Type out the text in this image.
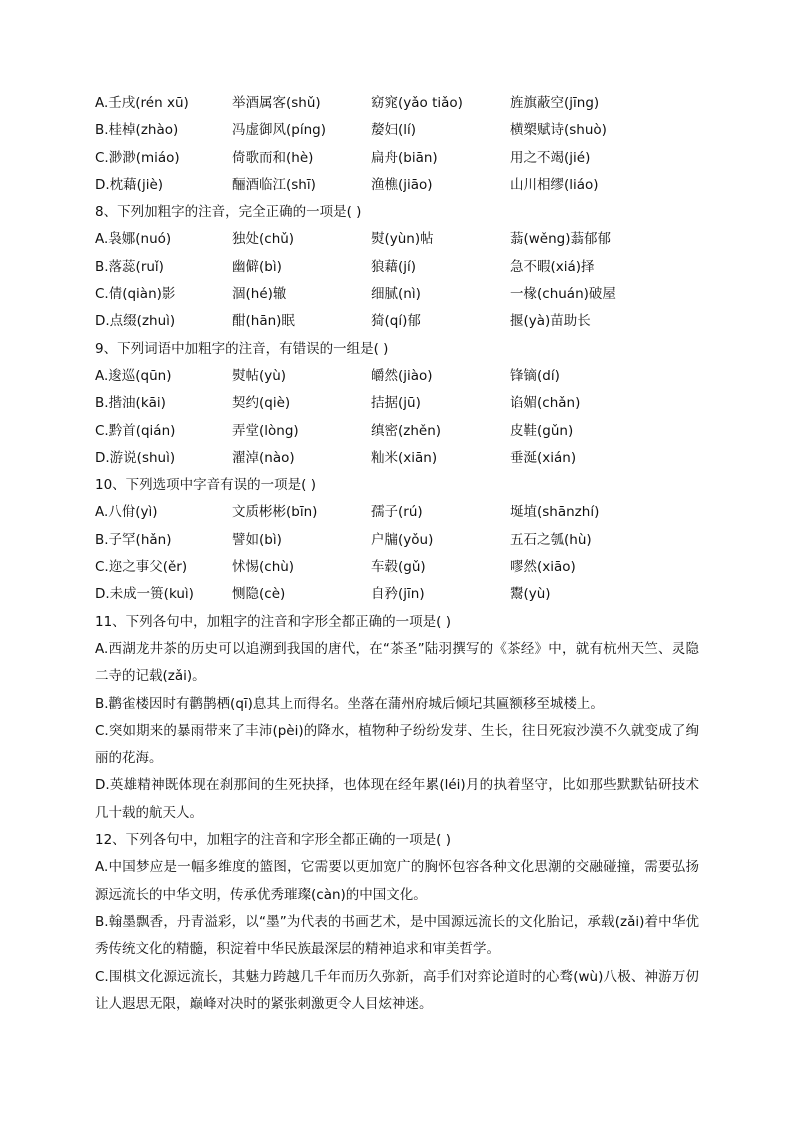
A.壬戌(rén xū)	举酒属客(shǔ)	窈窕(yǎo tiǎo)	旌旗蔽空(jīng)
B.桂棹(zhào)	冯虚御风(píng)	嫠妇(lí)	横槊赋诗(shuò)
C.渺渺(miáo)	倚歌而和(hè)	扁舟(biān)	用之不竭(jié)
D.枕藉(jiè)	酾酒临江(shī)	渔樵(jiāo)	山川相缪(liáo)
8、下列加粗字的注音，完全正确的一项是( )
A.袅娜(nuó)	独处(chǔ)	熨(yùn)帖	蓊(wěng)蓊郁郁
B.落蕊(ruǐ)	幽僻(bì)	狼藉(jí)	急不暇(xiá)择
C.倩(qiàn)影	涸(hé)辙	细腻(nì)	一椽(chuán)破屋
D.点缀(zhuì)	酣(hān)眠	猗(qí)郁	揠(yà)苗助长
9、下列词语中加粗字的注音，有错误的一组是( )
A.逡巡(qūn)	熨帖(yù)	皭然(jiào)	锋镝(dí)
B.揩油(kāi)	契约(qiè)	拮据(jū)	谄媚(chǎn)
C.黔首(qián)	弄堂(lòng)	缜密(zhěn)	皮鞋(gǔn)
D.游说(shuì)	濯淖(nào)	籼米(xiān)	垂涎(xián)
10、下列选项中字音有误的一项是( )
A.八佾(yì)	文质彬彬(bīn)	孺子(rú)	埏埴(shānzhí)
B.子罕(hǎn)	譬如(bì)	户牖(yǒu)	五石之瓠(hù)
C.迩之事父(ěr)	怵惕(chù)	车毂(gǔ)	嘐然(xiāo)
D.未成一篑(kuì)	恻隐(cè)	自矜(jīn)	鬻(yù)
11、下列各句中，加粗字的注音和字形全都正确的一项是( )
A.西湖龙井茶的历史可以追溯到我国的唐代，在“茶圣”陆羽撰写的《茶经》中，就有杭州天竺、灵隐二寺的记载(zǎi)。
B.鹳雀楼因时有鹳鹊栖(qī)息其上而得名。坐落在蒲州府城后倾圮其匾额移至城楼上。
C.突如期来的暴雨带来了丰沛(pèi)的降水，植物种子纷纷发芽、生长，往日死寂沙漠不久就变成了绚丽的花海。
D.英雄精神既体现在刹那间的生死抉择，也体现在经年累(léi)月的执着坚守，比如那些默默钻研技术几十载的航天人。
12、下列各句中，加粗字的注音和字形全都正确的一项是( )
A.中国梦应是一幅多维度的篮图，它需要以更加宽广的胸怀包容各种文化思潮的交融碰撞，需要弘扬源远流长的中华文明，传承优秀璀璨(càn)的中国文化。
B.翰墨飘香，丹青溢彩，以“墨”为代表的书画艺术，是中国源远流长的文化胎记，承载(zǎi)着中华优秀传统文化的精髓，积淀着中华民族最深层的精神追求和审美哲学。
C.围棋文化源远流长，其魅力跨越几千年而历久弥新，高手们对弈论道时的心骛(wù)八极、神游万仞让人遐思无限，巅峰对决时的紧张刺激更令人目炫神迷。
